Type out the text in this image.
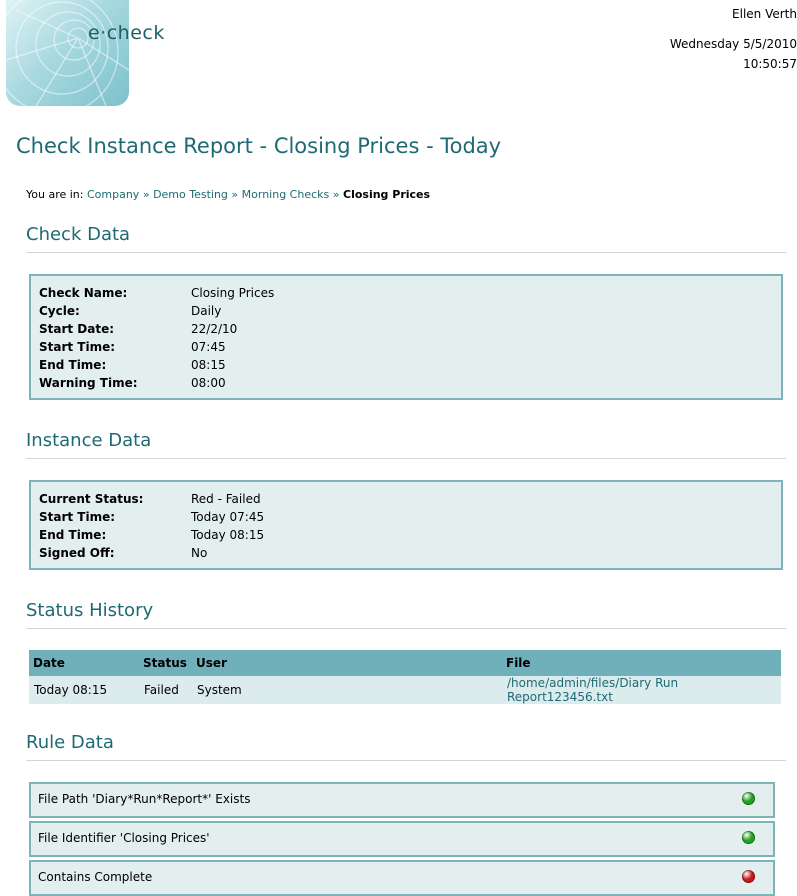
e·check
Ellen Verth
Wednesday 5/5/2010
10:50:57
Check Instance Report - Closing Prices - Today
You are in: Company » Demo Testing » Morning Checks » Closing Prices
Check Data
Check Name:	Closing Prices
Cycle:	Daily
Start Date:	22/2/10
Start Time:	07:45
End Time:	08:15
Warning Time:	08:00
Instance Data
Current Status:	Red - Failed
Start Time:	Today 07:45
End Time:	Today 08:15
Signed Off:	No
Status History
Date	Status	User	File
Today 08:15	Failed	System	/home/admin/files/Diary Run Report123456.txt
Rule Data
File Path 'Diary*Run*Report*' Exists
File Identifier 'Closing Prices'
Contains Complete
